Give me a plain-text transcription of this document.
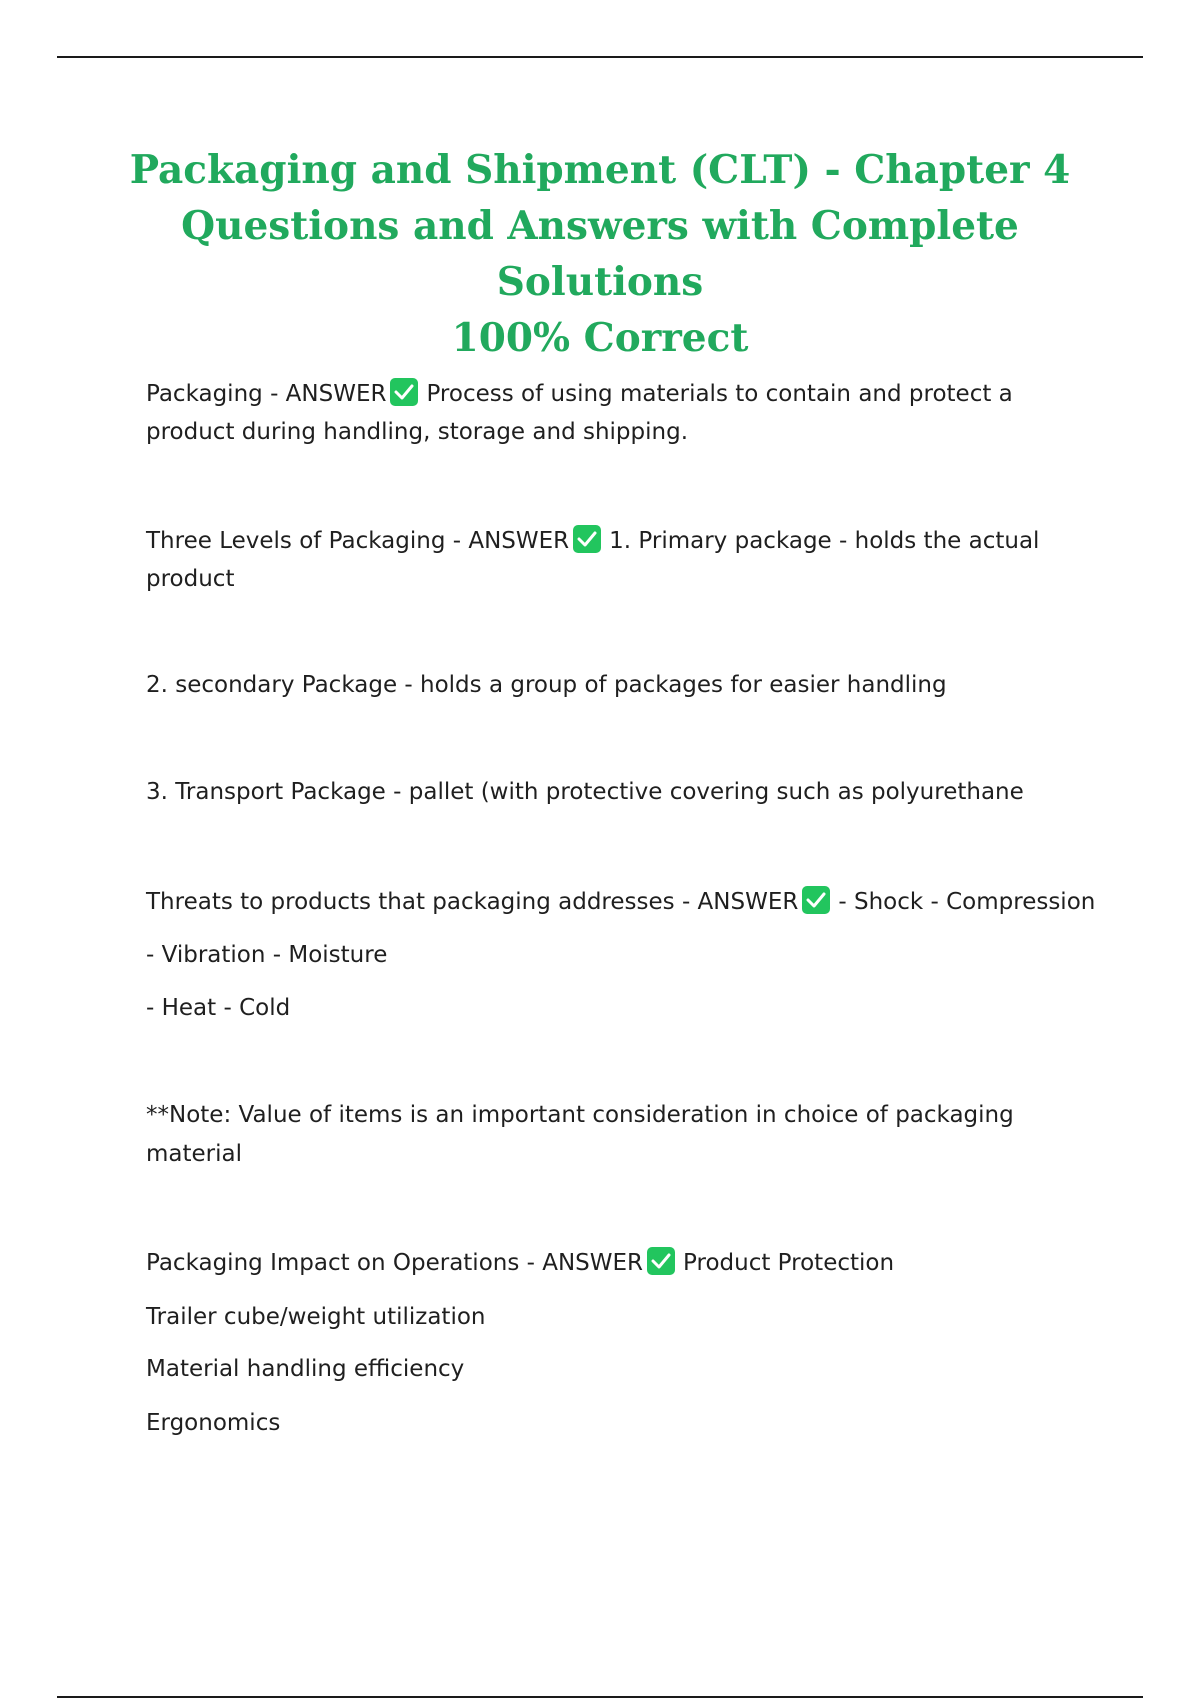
Packaging and Shipment (CLT) - Chapter 4
Questions and Answers with Complete Solutions
100% Correct
Packaging - ANSWER Process of using materials to contain and protect a
product during handling, storage and shipping.
Three Levels of Packaging - ANSWER 1. Primary package - holds the actual
product
2. secondary Package - holds a group of packages for easier handling
3. Transport Package - pallet (with protective covering such as polyurethane
Threats to products that packaging addresses - ANSWER - Shock - Compression
- Vibration - Moisture
- Heat - Cold
**Note: Value of items is an important consideration in choice of packaging
material
Packaging Impact on Operations - ANSWER Product Protection
Trailer cube/weight utilization
Material handling efficiency
Ergonomics
